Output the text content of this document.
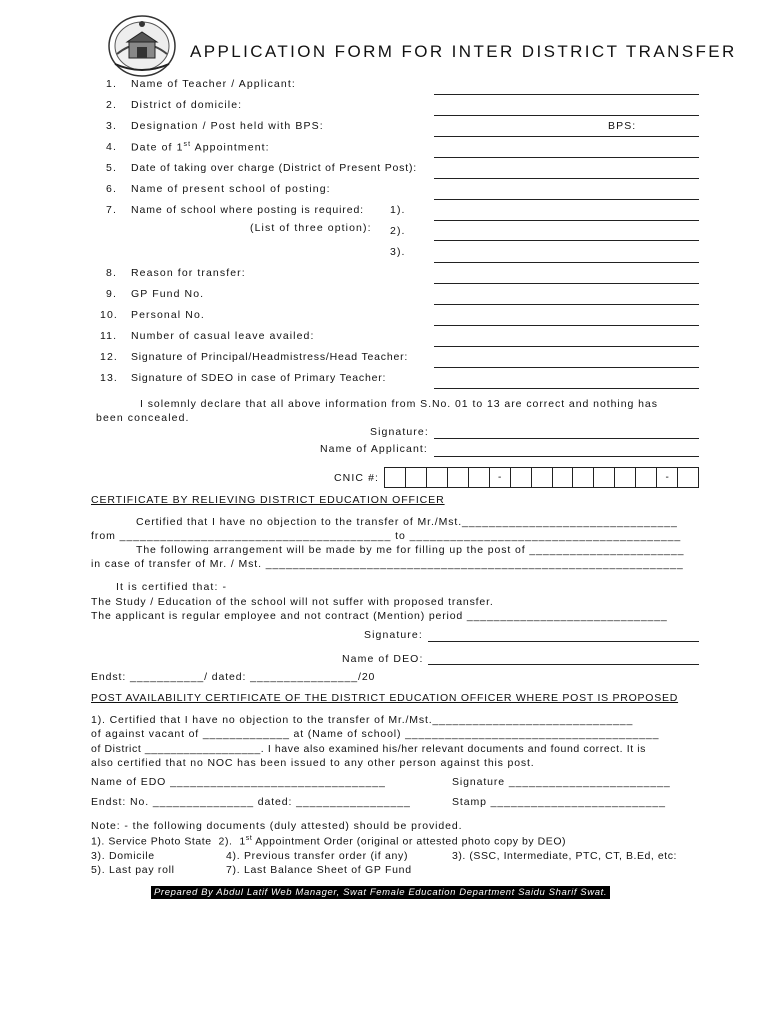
APPLICATION FORM FOR INTER DISTRICT TRANSFER
1. Name of Teacher / Applicant:
2. District of domicile:
3. Designation / Post held with BPS:	BPS:
4. Date of 1st Appointment:
5. Date of taking over charge (District of Present Post):
6. Name of present school of posting:
7. Name of school where posting is required: 1).
(List of three option): 2).
3).
8. Reason for transfer:
9. GP Fund No.
10. Personal No.
11. Number of casual leave availed:
12. Signature of Principal/Headmistress/Head Teacher:
13. Signature of SDEO in case of Primary Teacher:
I solemnly declare that all above information from S.No. 01 to 13 are correct and nothing has
been concealed.
Signature:
Name of Applicant:
CNIC #:	-	-
CERTIFICATE BY RELIEVING DISTRICT EDUCATION OFFICER
Certified that I have no objection to the transfer of Mr./Mst.________________________________
from ________________________________________ to ________________________________________
The following arrangement will be made by me for filling up the post of _______________________
in case of transfer of Mr. / Mst. ______________________________________________________________
It is certified that: -
The Study / Education of the school will not suffer with proposed transfer.
The applicant is regular employee and not contract (Mention) period ______________________________
Signature:
Name of DEO:
Endst: ___________/ dated: ________________/20
POST AVAILABILITY CERTIFICATE OF THE DISTRICT EDUCATION OFFICER WHERE POST IS PROPOSED
1). Certified that I have no objection to the transfer of Mr./Mst.______________________________
of against vacant of _____________ at (Name of school) ______________________________________
of District __________________. I have also examined his/her relevant documents and found correct. It is
also certified that no NOC has been issued to any other person against this post.
Name of EDO ________________________________	Signature ________________________
Endst: No. _______________ dated: _________________	Stamp __________________________
Note: - the following documents (duly attested) should be provided.
1). Service Photo State  2).  1st Appointment Order (original or attested photo copy by DEO)
3). Domicile	4). Previous transfer order (if any)	3). (SSC, Intermediate, PTC, CT, B.Ed, etc:
5). Last pay roll	7). Last Balance Sheet of GP Fund
Prepared By Abdul Latif Web Manager, Swat Female Education Department Saidu Sharif Swat.
